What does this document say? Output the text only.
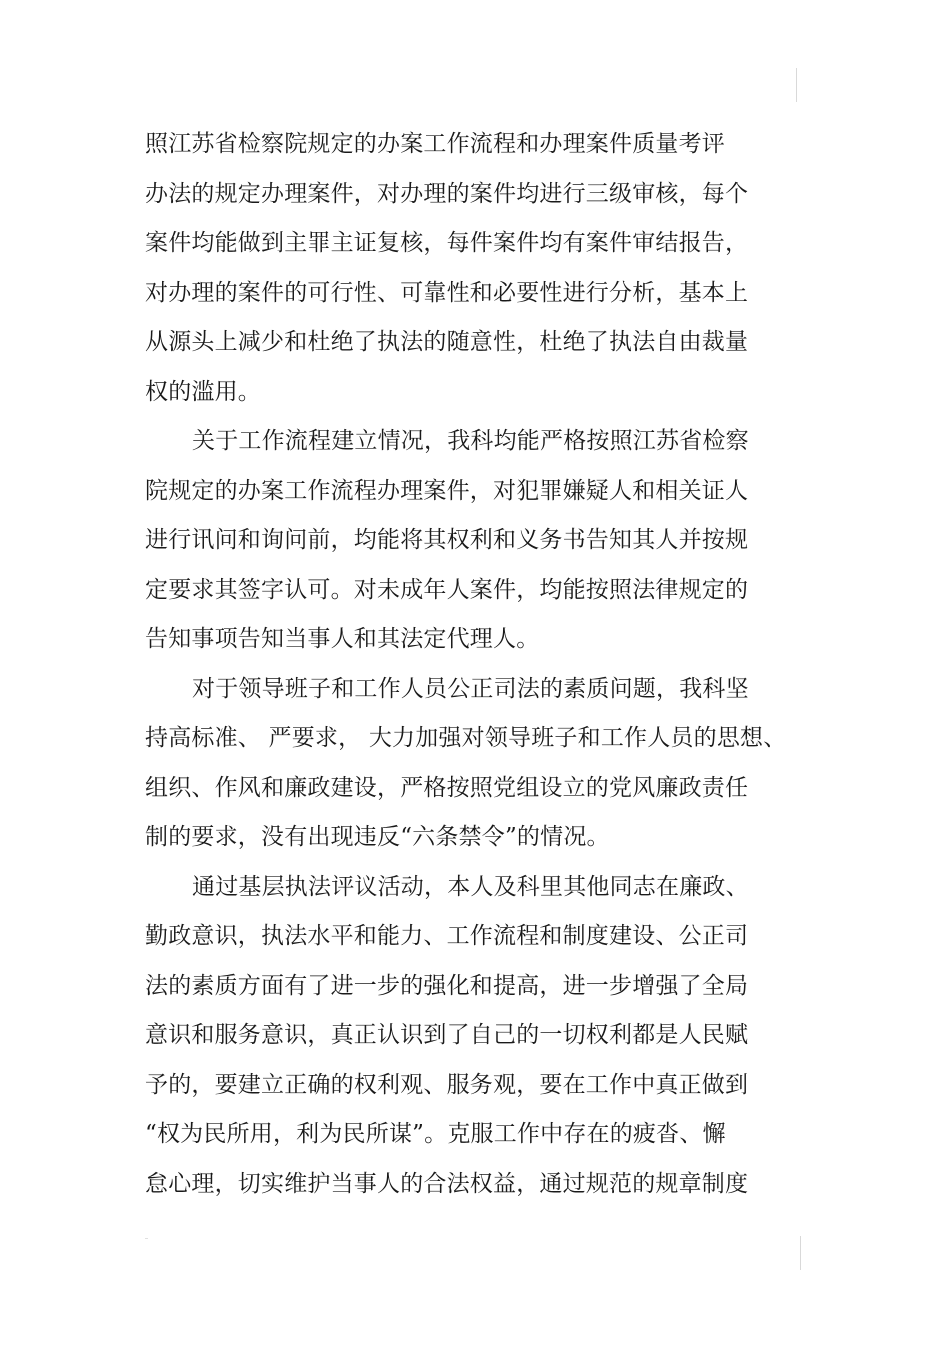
照江苏省检察院规定的办案工作流程和办理案件质量考评
办法的规定办理案件，对办理的案件均进行三级审核，每个
案件均能做到主罪主证复核，每件案件均有案件审结报告，
对办理的案件的可行性、可靠性和必要性进行分析，基本上
从源头上减少和杜绝了执法的随意性，杜绝了执法自由裁量
权的滥用。
关于工作流程建立情况，我科均能严格按照江苏省检察
院规定的办案工作流程办理案件，对犯罪嫌疑人和相关证人
进行讯问和询问前，均能将其权利和义务书告知其人并按规
定要求其签字认可。对未成年人案件，均能按照法律规定的
告知事项告知当事人和其法定代理人。
对于领导班子和工作人员公正司法的素质问题，我科坚
持高标准、 严要求， 大力加强对领导班子和工作人员的思想、
组织、作风和廉政建设，严格按照党组设立的党风廉政责任
制的要求，没有出现违反“六条禁令”的情况。
通过基层执法评议活动，本人及科里其他同志在廉政、
勤政意识，执法水平和能力、工作流程和制度建设、公正司
法的素质方面有了进一步的强化和提高，进一步增强了全局
意识和服务意识，真正认识到了自己的一切权利都是人民赋
予的，要建立正确的权利观、服务观，要在工作中真正做到
“权为民所用，利为民所谋”。克服工作中存在的疲沓、懈
怠心理，切实维护当事人的合法权益，通过规范的规章制度
